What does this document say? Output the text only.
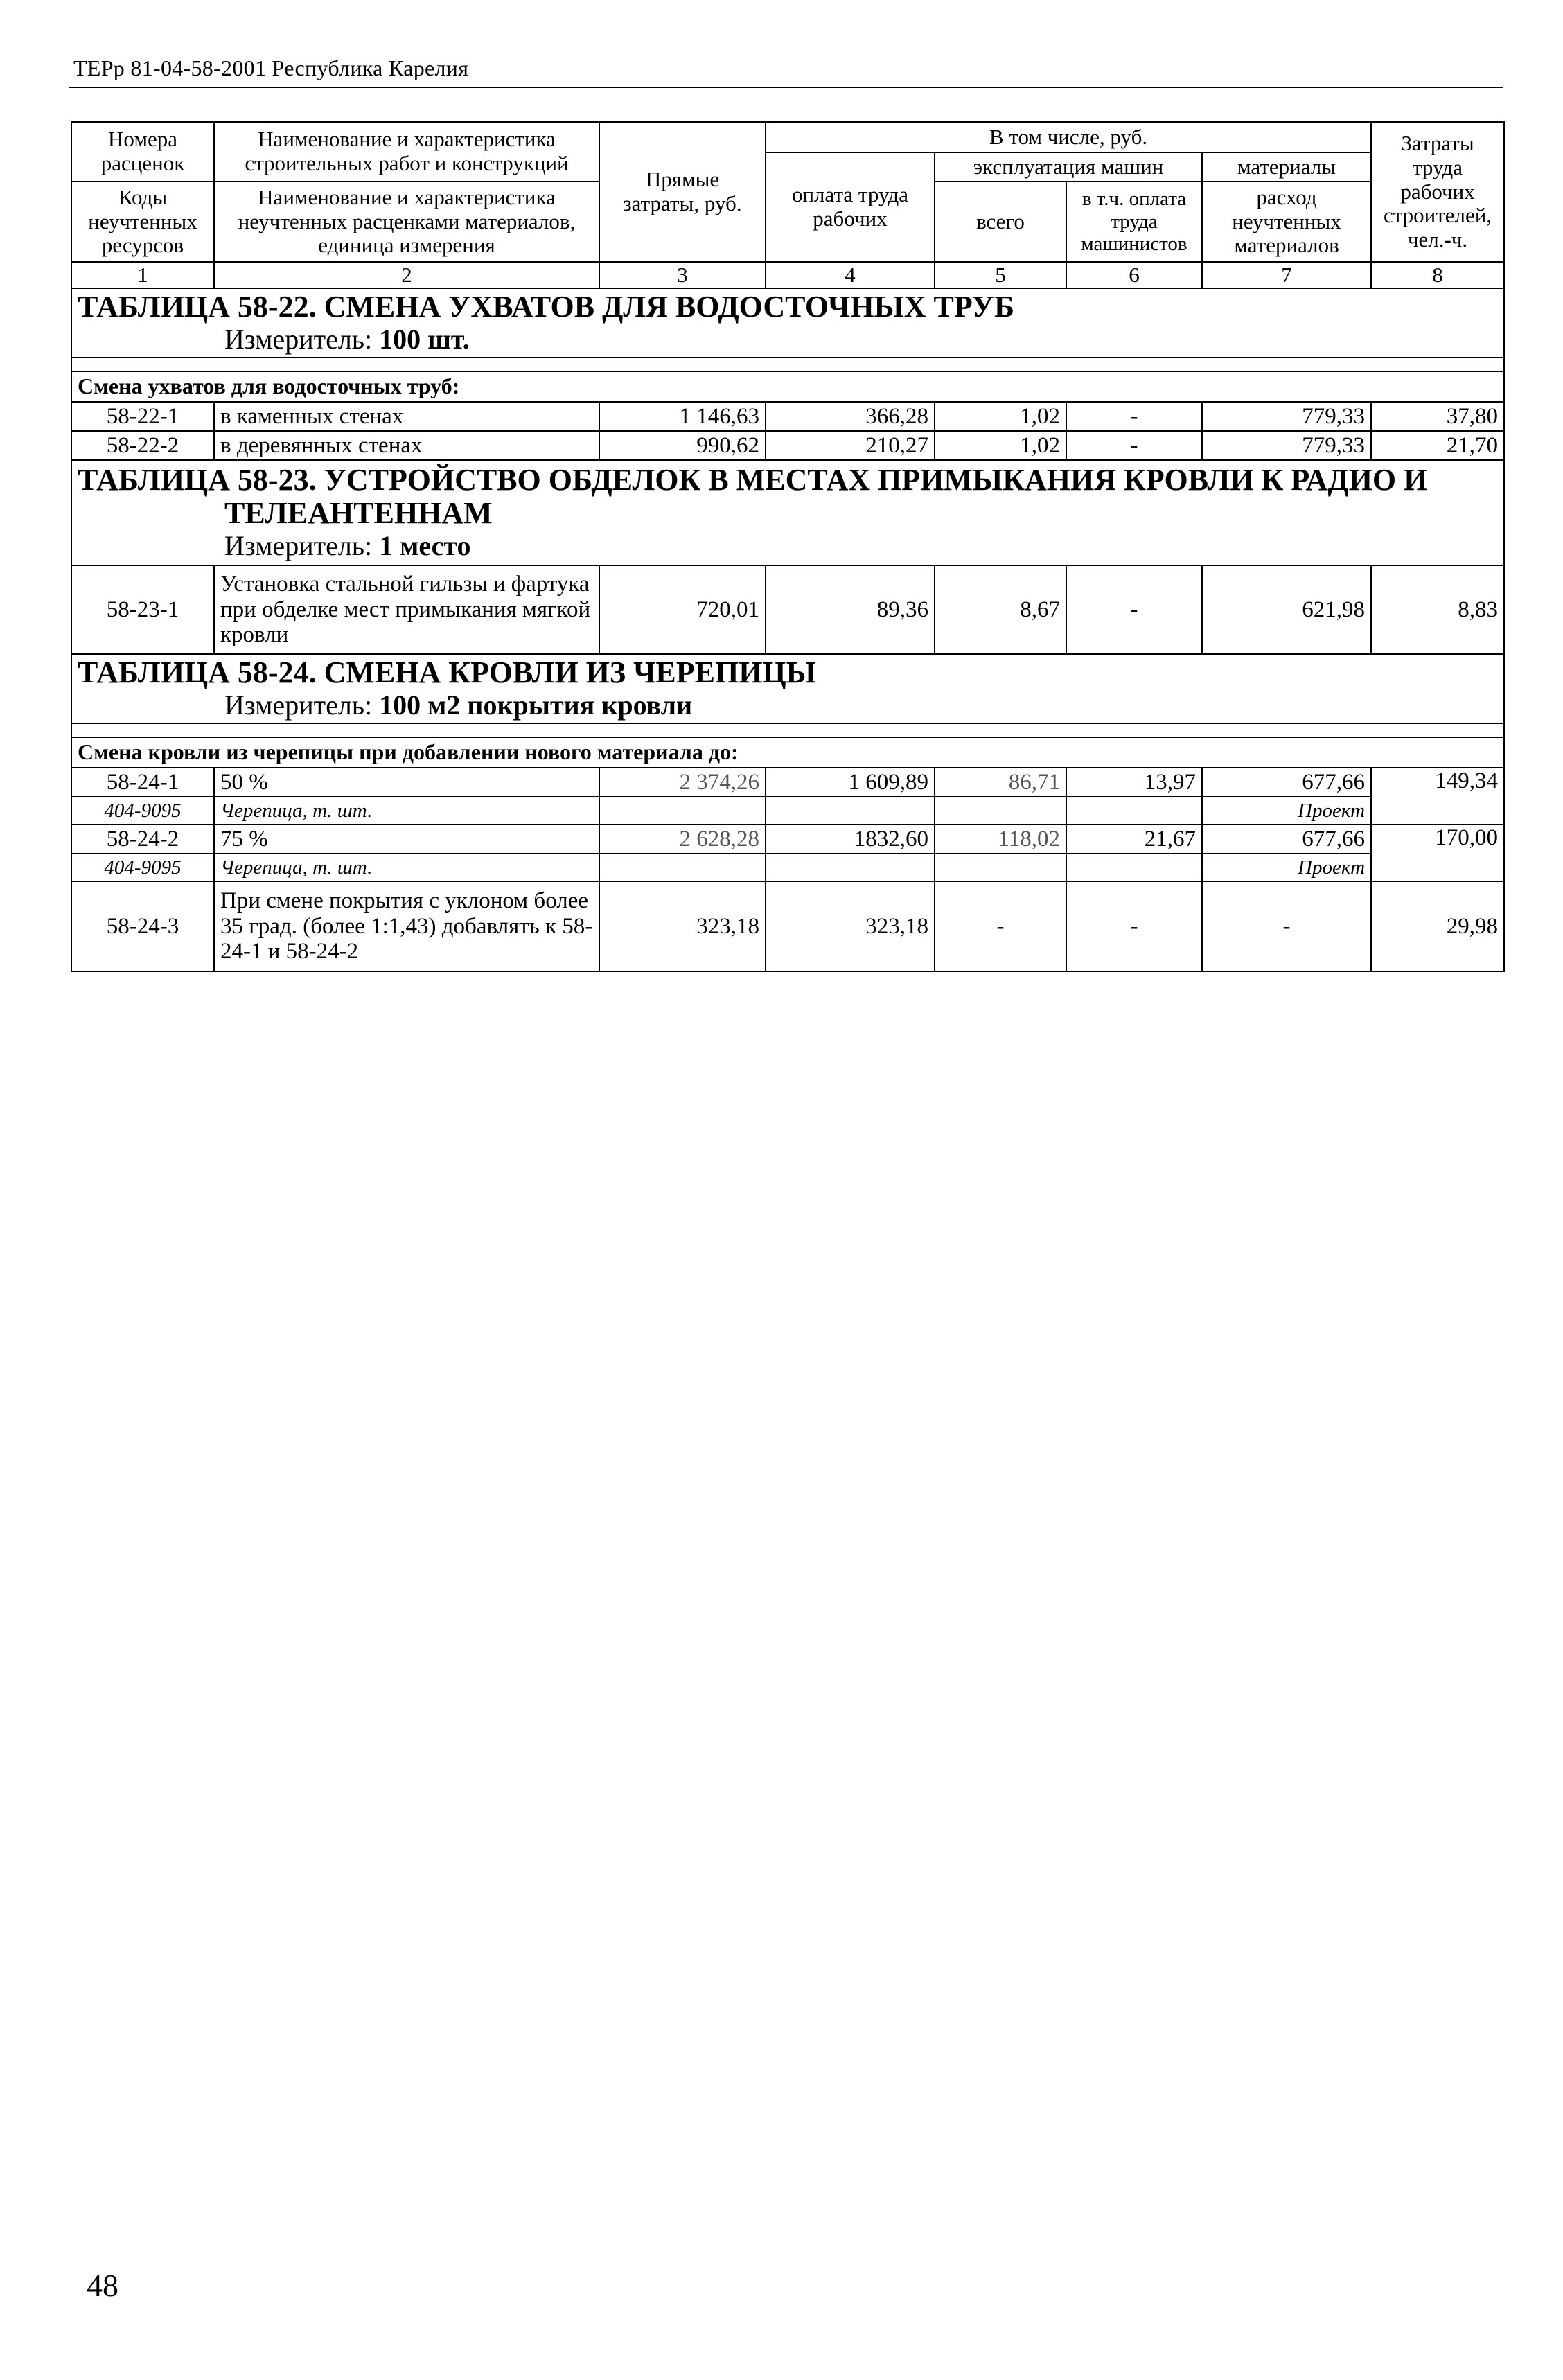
ТЕРр 81-04-58-2001 Республика Карелия
Номера расценок	Наименование и характеристика строительных работ и конструкций	Прямые затраты, руб.	В том числе, руб.				Затраты труда рабочих строителей, чел.-ч.
			оплата труда рабочих	эксплуатация машин		материалы	
Коды неучтенных ресурсов	Наименование и характеристика неучтенных расценками материалов, единица измерения			всего	в т.ч. оплата труда машинистов	расход неучтенных материалов	

1	2	3	4	5	6	7	8

ТАБЛИЦА 58-22. СМЕНА УХВАТОВ ДЛЯ ВОДОСТОЧНЫХ ТРУБ
Измеритель: 100 шт.							

Смена ухватов для водосточных труб:							
58-22-1	в каменных стенах	1 146,63	366,28	1,02	-	779,33	37,80
58-22-2	в деревянных стенах	990,62	210,27	1,02	-	779,33	21,70

ТАБЛИЦА 58-23. УСТРОЙСТВО ОБДЕЛОК В МЕСТАХ ПРИМЫКАНИЯ КРОВЛИ К РАДИО И
ТЕЛЕАНТЕННАМ
Измеритель: 1 место							

58-23-1	Установка стальной гильзы и фартука при обделке мест примыкания мягкой кровли	720,01	89,36	8,67	-	621,98	8,83

ТАБЛИЦА 58-24. СМЕНА КРОВЛИ ИЗ ЧЕРЕПИЦЫ
Измеритель: 100 м2 покрытия кровли							

Смена кровли из черепицы при добавлении нового материала до:							
58-24-1	50 %	2 374,26	1 609,89	86,71	13,97	677,66	149,34
404-9095	Черепица, т. шт.					Проект	
58-24-2	75 %	2 628,28	1832,60	118,02	21,67	677,66	170,00
404-9095	Черепица, т. шт.					Проект	
58-24-3	При смене покрытия с уклоном более 35 град. (более 1:1,43) добавлять к 58-24-1 и 58-24-2	323,18	323,18	-	-	-	29,98
48
